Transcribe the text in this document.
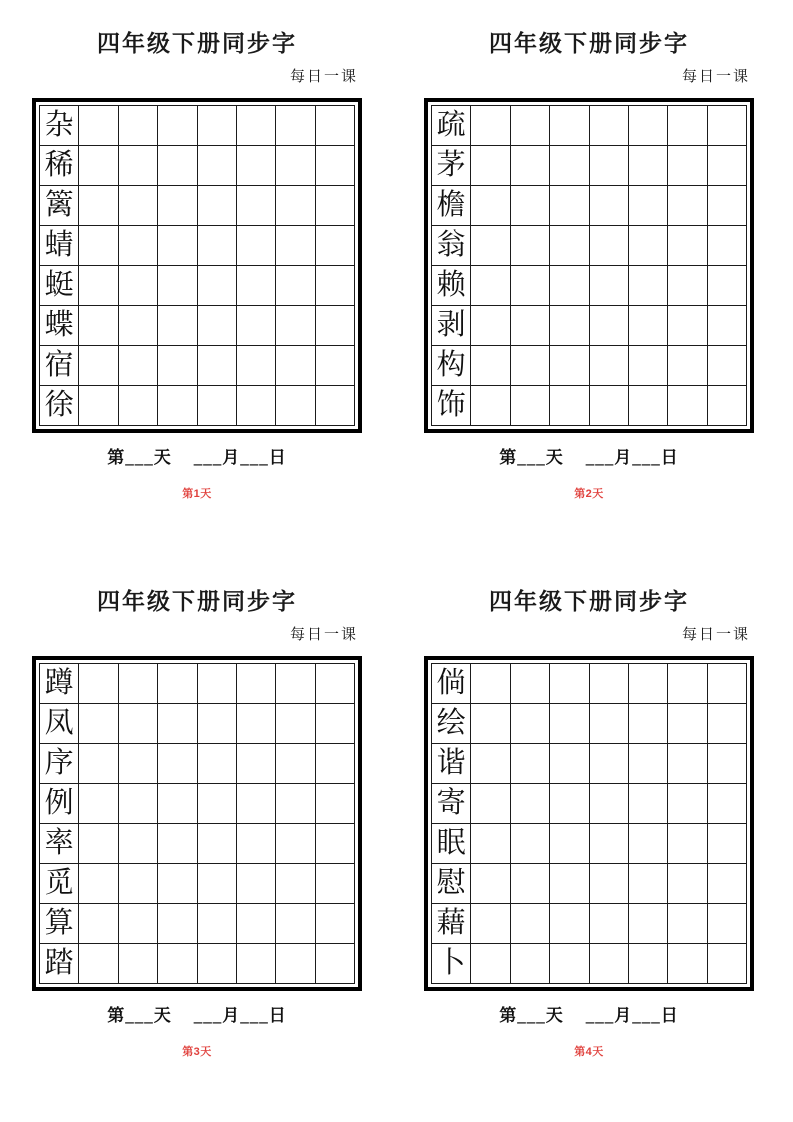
四年级下册同步字
每日一课
杂							
稀							
篱							
蜻							
蜓							
蝶							
宿							
徐							
第___天 ___月___日
第1天
四年级下册同步字
每日一课
疏							
茅							
檐							
翁							
赖							
剥							
构							
饰							
第___天 ___月___日
第2天
四年级下册同步字
每日一课
蹲							
凤							
序							
例							
率							
觅							
算							
踏							
第___天 ___月___日
第3天
四年级下册同步字
每日一课
倘							
绘							
谐							
寄							
眠							
慰							
藉							
卜							
第___天 ___月___日
第4天
